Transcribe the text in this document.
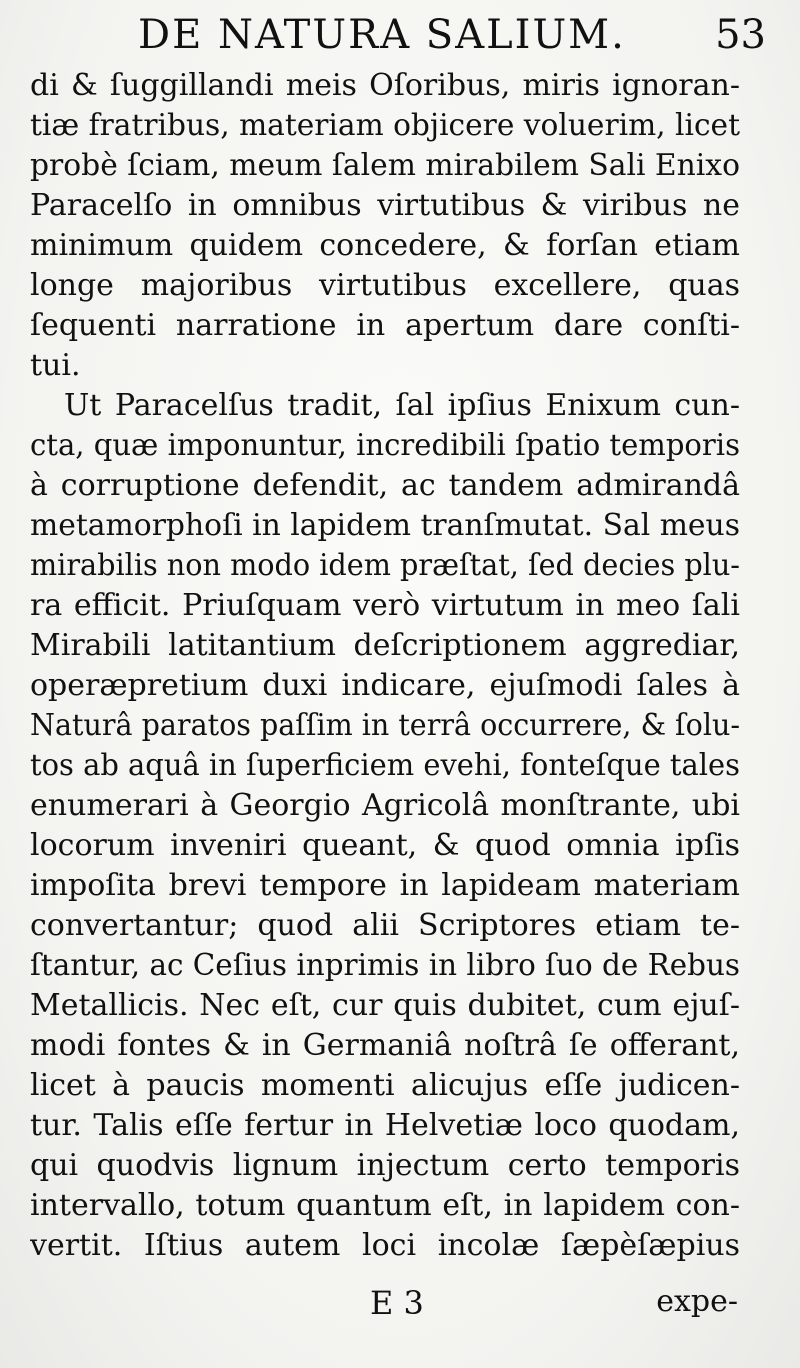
DE NATURA SALIUM. 53
di & ſuggillandi meis Oſoribus, miris ignoran-
tiæ fratribus, materiam objicere voluerim, licet
probè ſciam, meum ſalem mirabilem Sali Enixo
Paracelſo in omnibus virtutibus & viribus ne
minimum quidem concedere, & forſan etiam
longe majoribus virtutibus excellere, quas
ſequenti narratione in apertum dare conſti-
tui.
Ut Paracelſus tradit, ſal ipſius Enixum cun-
cta, quæ imponuntur, incredibili ſpatio temporis
à corruptione defendit, ac tandem admirandâ
metamorphoſi in lapidem tranſmutat. Sal meus
mirabilis non modo idem præſtat, ſed decies plu-
ra efficit. Priuſquam verò virtutum in meo ſali
Mirabili latitantium deſcriptionem aggrediar,
operæpretium duxi indicare, ejuſmodi ſales à
Naturâ paratos paſſim in terrâ occurrere, & ſolu-
tos ab aquâ in ſuperficiem evehi, fonteſque tales
enumerari à Georgio Agricolâ monſtrante, ubi
locorum inveniri queant, & quod omnia ipſis
impoſita brevi tempore in lapideam materiam
convertantur; quod alii Scriptores etiam te-
ſtantur, ac Ceſius inprimis in libro ſuo de Rebus
Metallicis. Nec eſt, cur quis dubitet, cum ejuſ-
modi fontes & in Germaniâ noſtrâ ſe offerant,
licet à paucis momenti alicujus eſſe judicen-
tur. Talis eſſe fertur in Helvetiæ loco quodam,
qui quodvis lignum injectum certo temporis
intervallo, totum quantum eſt, in lapidem con-
vertit. Iſtius autem loci incolæ ſæpèſæpius
E 3	expe-
